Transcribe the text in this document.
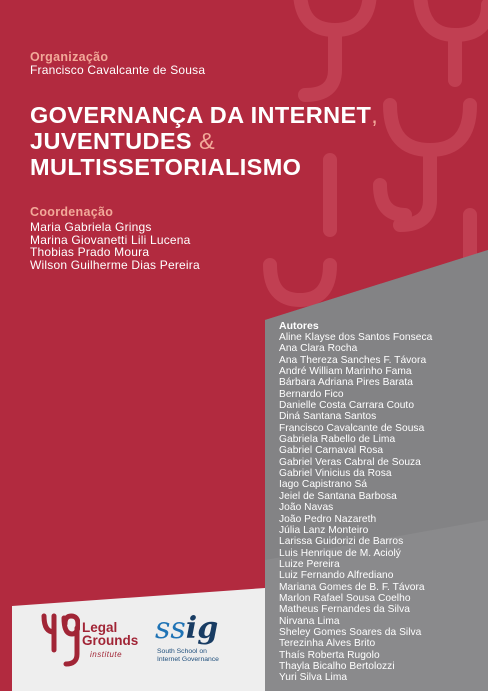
Organização
Francisco Cavalcante de Sousa
GOVERNANÇA DA INTERNET,
JUVENTUDES &
MULTISSETORIALISMO
Coordenação
Maria Gabriela Grings
Marina Giovanetti Lili Lucena
Thobias Prado Moura
Wilson Guilherme Dias Pereira
Autores
Aline Klayse dos Santos Fonseca
Ana Clara Rocha
Ana Thereza Sanches F. Távora
André William Marinho Fama
Bárbara Adriana Pires Barata
Bernardo Fico
Danielle Costa Carrara Couto
Diná Santana Santos
Francisco Cavalcante de Sousa
Gabriela Rabello de Lima
Gabriel Carnaval Rosa
Gabriel Veras Cabral de Souza
Gabriel Vinicius da Rosa
Iago Capistrano Sá
Jeiel de Santana Barbosa
João Navas
João Pedro Nazareth
Júlia Lanz Monteiro
Larissa Guidorizi de Barros
Luis Henrique de M. Aciolý
Luize Pereira
Luiz Fernando Alfrediano
Mariana Gomes de B. F. Távora
Marlon Rafael Sousa Coelho
Matheus Fernandes da Silva
Nirvana Lima
Sheley Gomes Soares da Silva
Terezinha Alves Brito
Thaís Roberta Rugolo
Thayla Bicalho Bertolozzi
Yuri Silva Lima
Legal
Grounds
institute
ssig
South School on
Internet Governance
